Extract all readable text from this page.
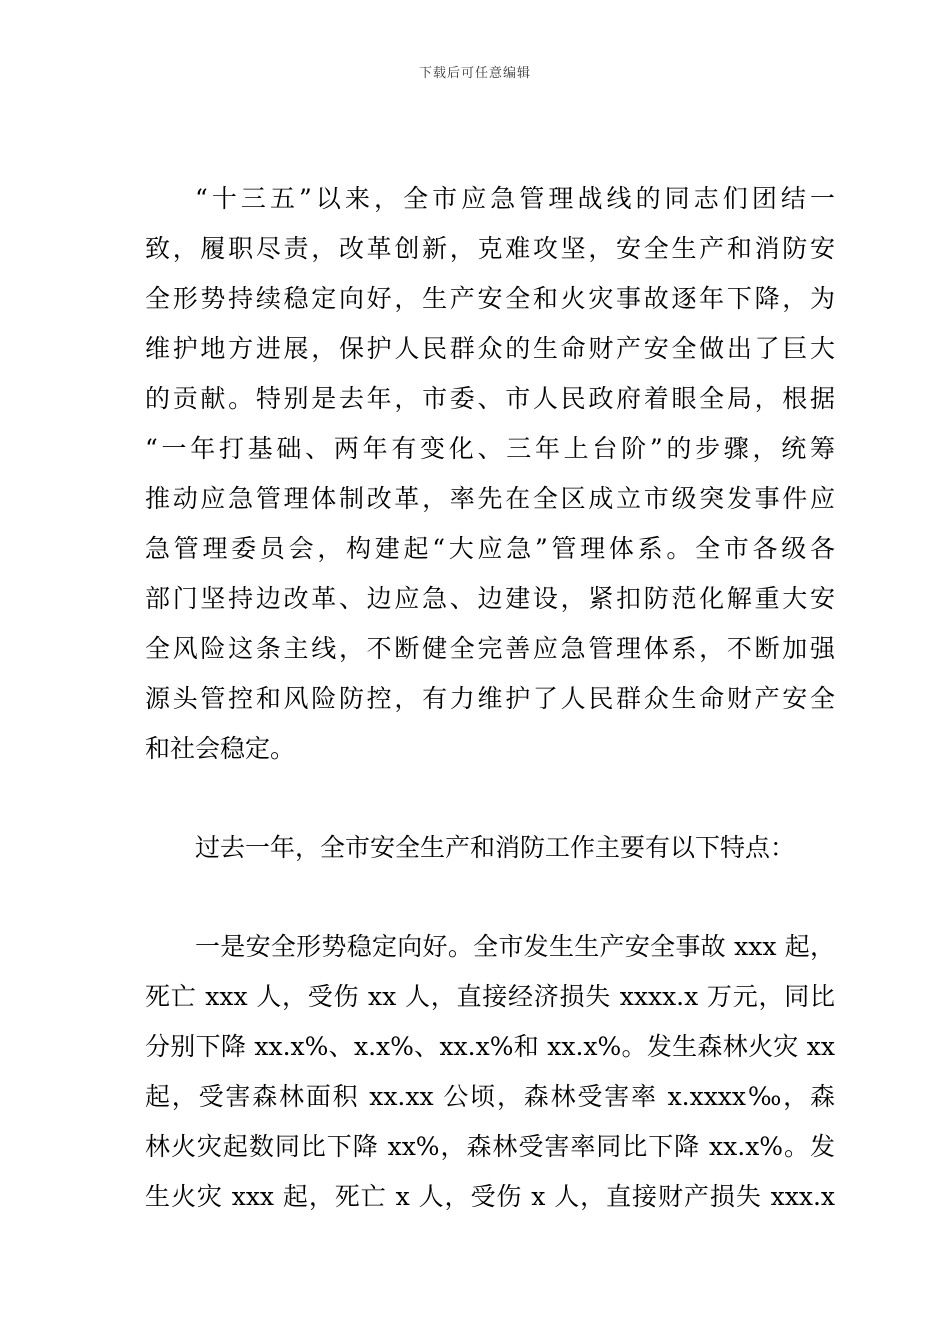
下载后可任意编辑
“十三五”以来，全市应急管理战线的同志们团结一
致，履职尽责，改革创新，克难攻坚，安全生产和消防安
全形势持续稳定向好，生产安全和火灾事故逐年下降，为
维护地方进展，保护人民群众的生命财产安全做出了巨大
的贡献。特别是去年，市委、市人民政府着眼全局，根据
“一年打基础、两年有变化、三年上台阶”的步骤，统筹
推动应急管理体制改革，率先在全区成立市级突发事件应
急管理委员会，构建起“大应急”管理体系。全市各级各
部门坚持边改革、边应急、边建设，紧扣防范化解重大安
全风险这条主线，不断健全完善应急管理体系，不断加强
源头管控和风险防控，有力维护了人民群众生命财产安全
和社会稳定。
过去一年，全市安全生产和消防工作主要有以下特点：
一是安全形势稳定向好。全市发生生产安全事故 xxx 起，
死亡 xxx 人，受伤 xx 人，直接经济损失 xxxx.x 万元，同比
分别下降 xx.x%、x.x%、xx.x%和 xx.x%。发生森林火灾 xx
起，受害森林面积 xx.xx 公顷，森林受害率 x.xxxx‰，森
林火灾起数同比下降 xx%，森林受害率同比下降 xx.x%。发
生火灾 xxx 起，死亡 x 人，受伤 x 人，直接财产损失 xxx.x
